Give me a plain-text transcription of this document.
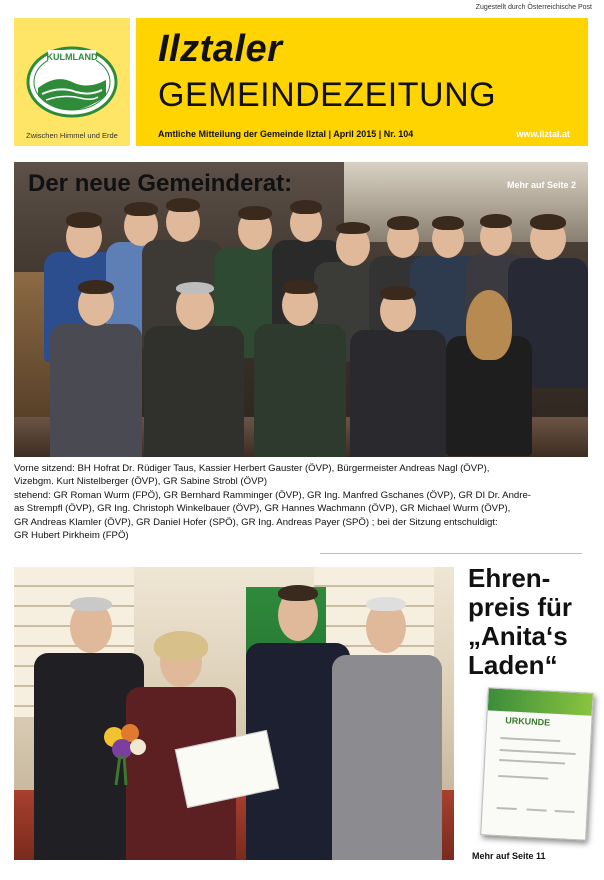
Zugestellt durch Österreichische Post
KULMLAND
Zwischen Himmel und Erde
Ilztaler
GEMEINDEZEITUNG
Amtliche Mitteilung der Gemeinde Ilztal | April 2015 | Nr. 104	www.ilztal.at
Der neue Gemeinderat:	Mehr auf Seite 2
Vorne sitzend: BH Hofrat Dr. Rüdiger Taus, Kassier Herbert Gauster (ÖVP), Bürgermeister Andreas Nagl (ÖVP),
Vizebgm. Kurt Nistelberger (ÖVP), GR Sabine Strobl (ÖVP)
stehend: GR Roman Wurm (FPÖ), GR Bernhard Ramminger (ÖVP), GR Ing. Manfred Gschanes (ÖVP), GR DI Dr. Andre-
as Strempfl (ÖVP), GR Ing. Christoph Winkelbauer (ÖVP), GR Hannes Wachmann (ÖVP), GR Michael Wurm (ÖVP),
GR Andreas Klamler (ÖVP), GR Daniel Hofer (SPÖ), GR Ing. Andreas Payer (SPÖ) ; bei der Sitzung entschuldigt:
GR Hubert Pirkheim (FPÖ)
Ehren-
preis für
„Anita‘s
Laden“
URKUNDE
Mehr auf Seite 11
